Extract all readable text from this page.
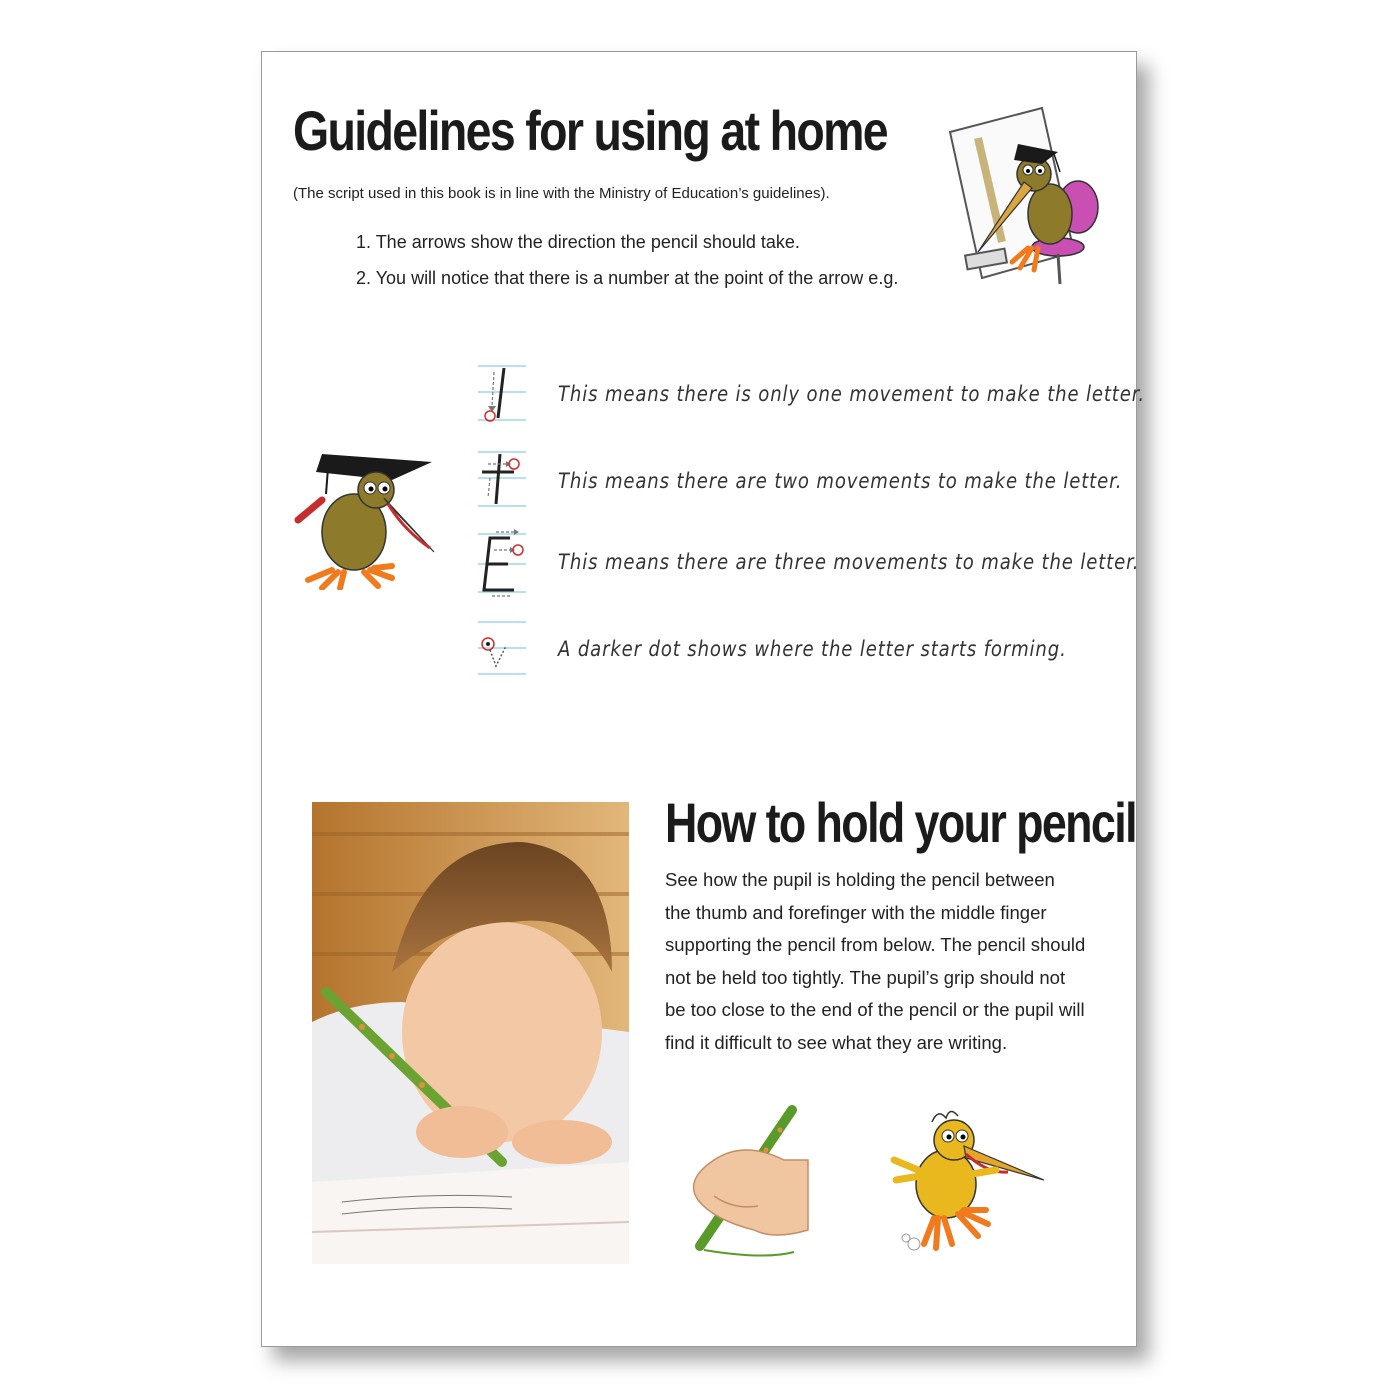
Guidelines for using at home
(The script used in this book is in line with the Ministry of Education’s guidelines).
1. The arrows show the direction the pencil should take.
2. You will notice that there is a number at the point of the arrow e.g.
This means there is only one movement to make the letter.
This means there are two movements to make the letter.
This means there are three movements to make the letter.
A darker dot shows where the letter starts forming.
How to hold your pencil
See how the pupil is holding the pencil between
the thumb and forefinger with the middle finger
supporting the pencil from below. The pencil should
not be held too tightly. The pupil’s grip should not
be too close to the end of the pencil or the pupil will
find it difficult to see what they are writing.
